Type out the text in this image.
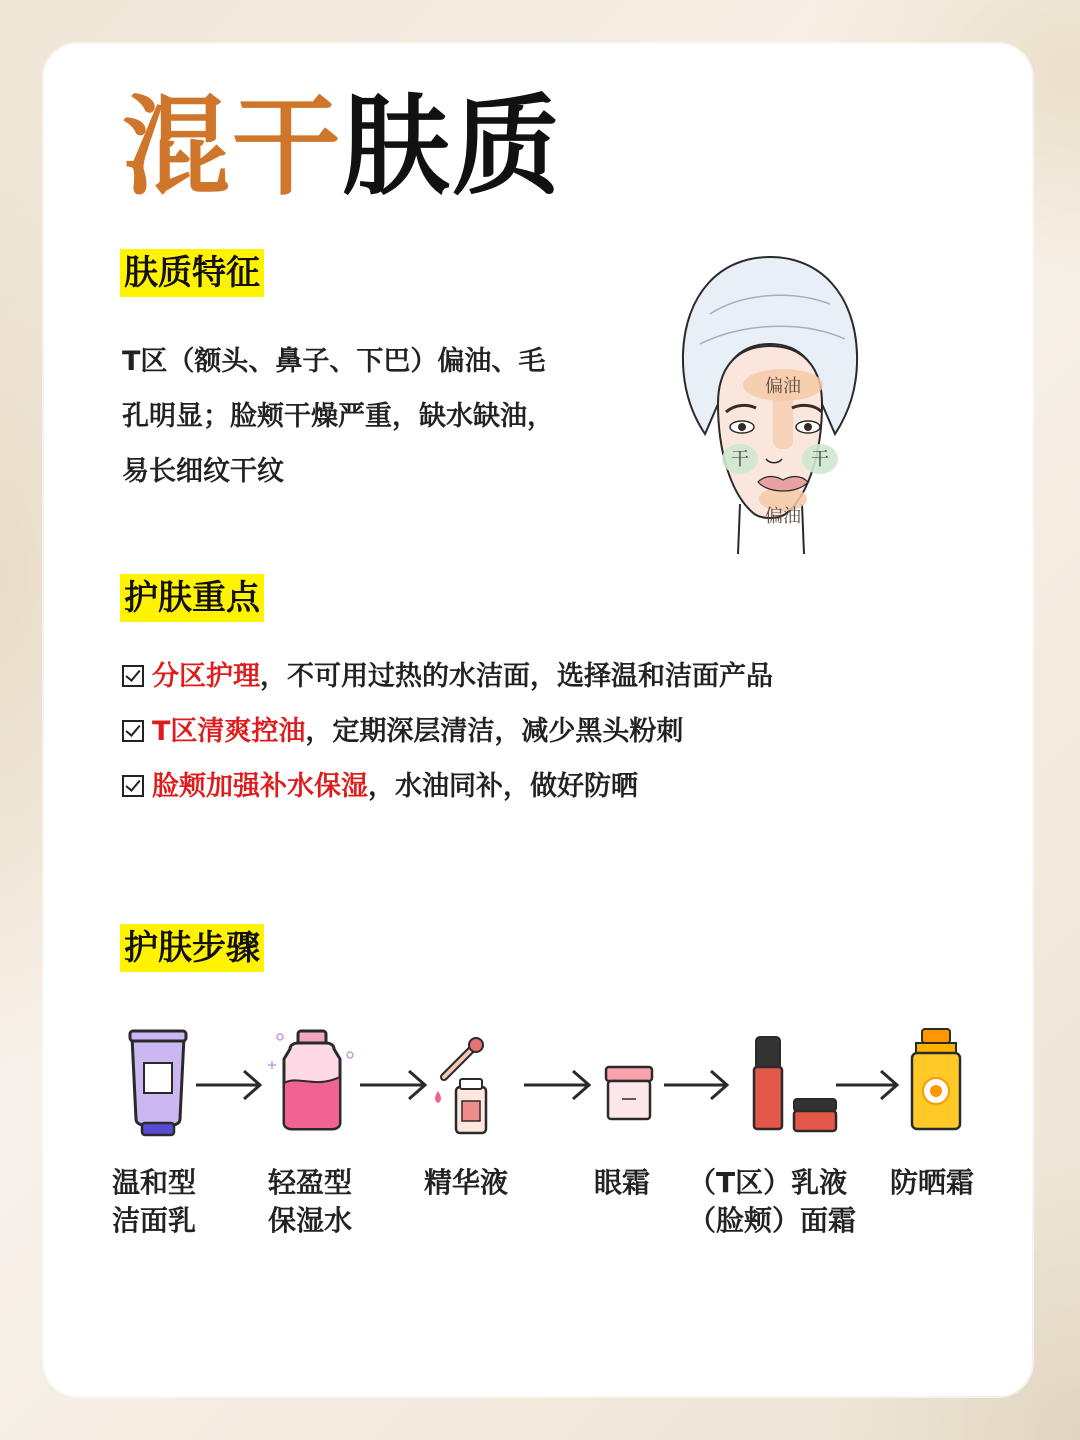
混干肤质
肤质特征
T区（额头、鼻子、下巴）偏油、毛
孔明显；脸颊干燥严重，缺水缺油，
易长细纹干纹
偏油
干	干
偏油
护肤重点
分区护理，不可用过热的水洁面，选择温和洁面产品
T区清爽控油，定期深层清洁，减少黑头粉刺
脸颊加强补水保湿，水油同补，做好防晒
护肤步骤
温和型
洁面乳
轻盈型
保湿水
精华液	眼霜 （T区）乳液
（脸颊）面霜
防晒霜
